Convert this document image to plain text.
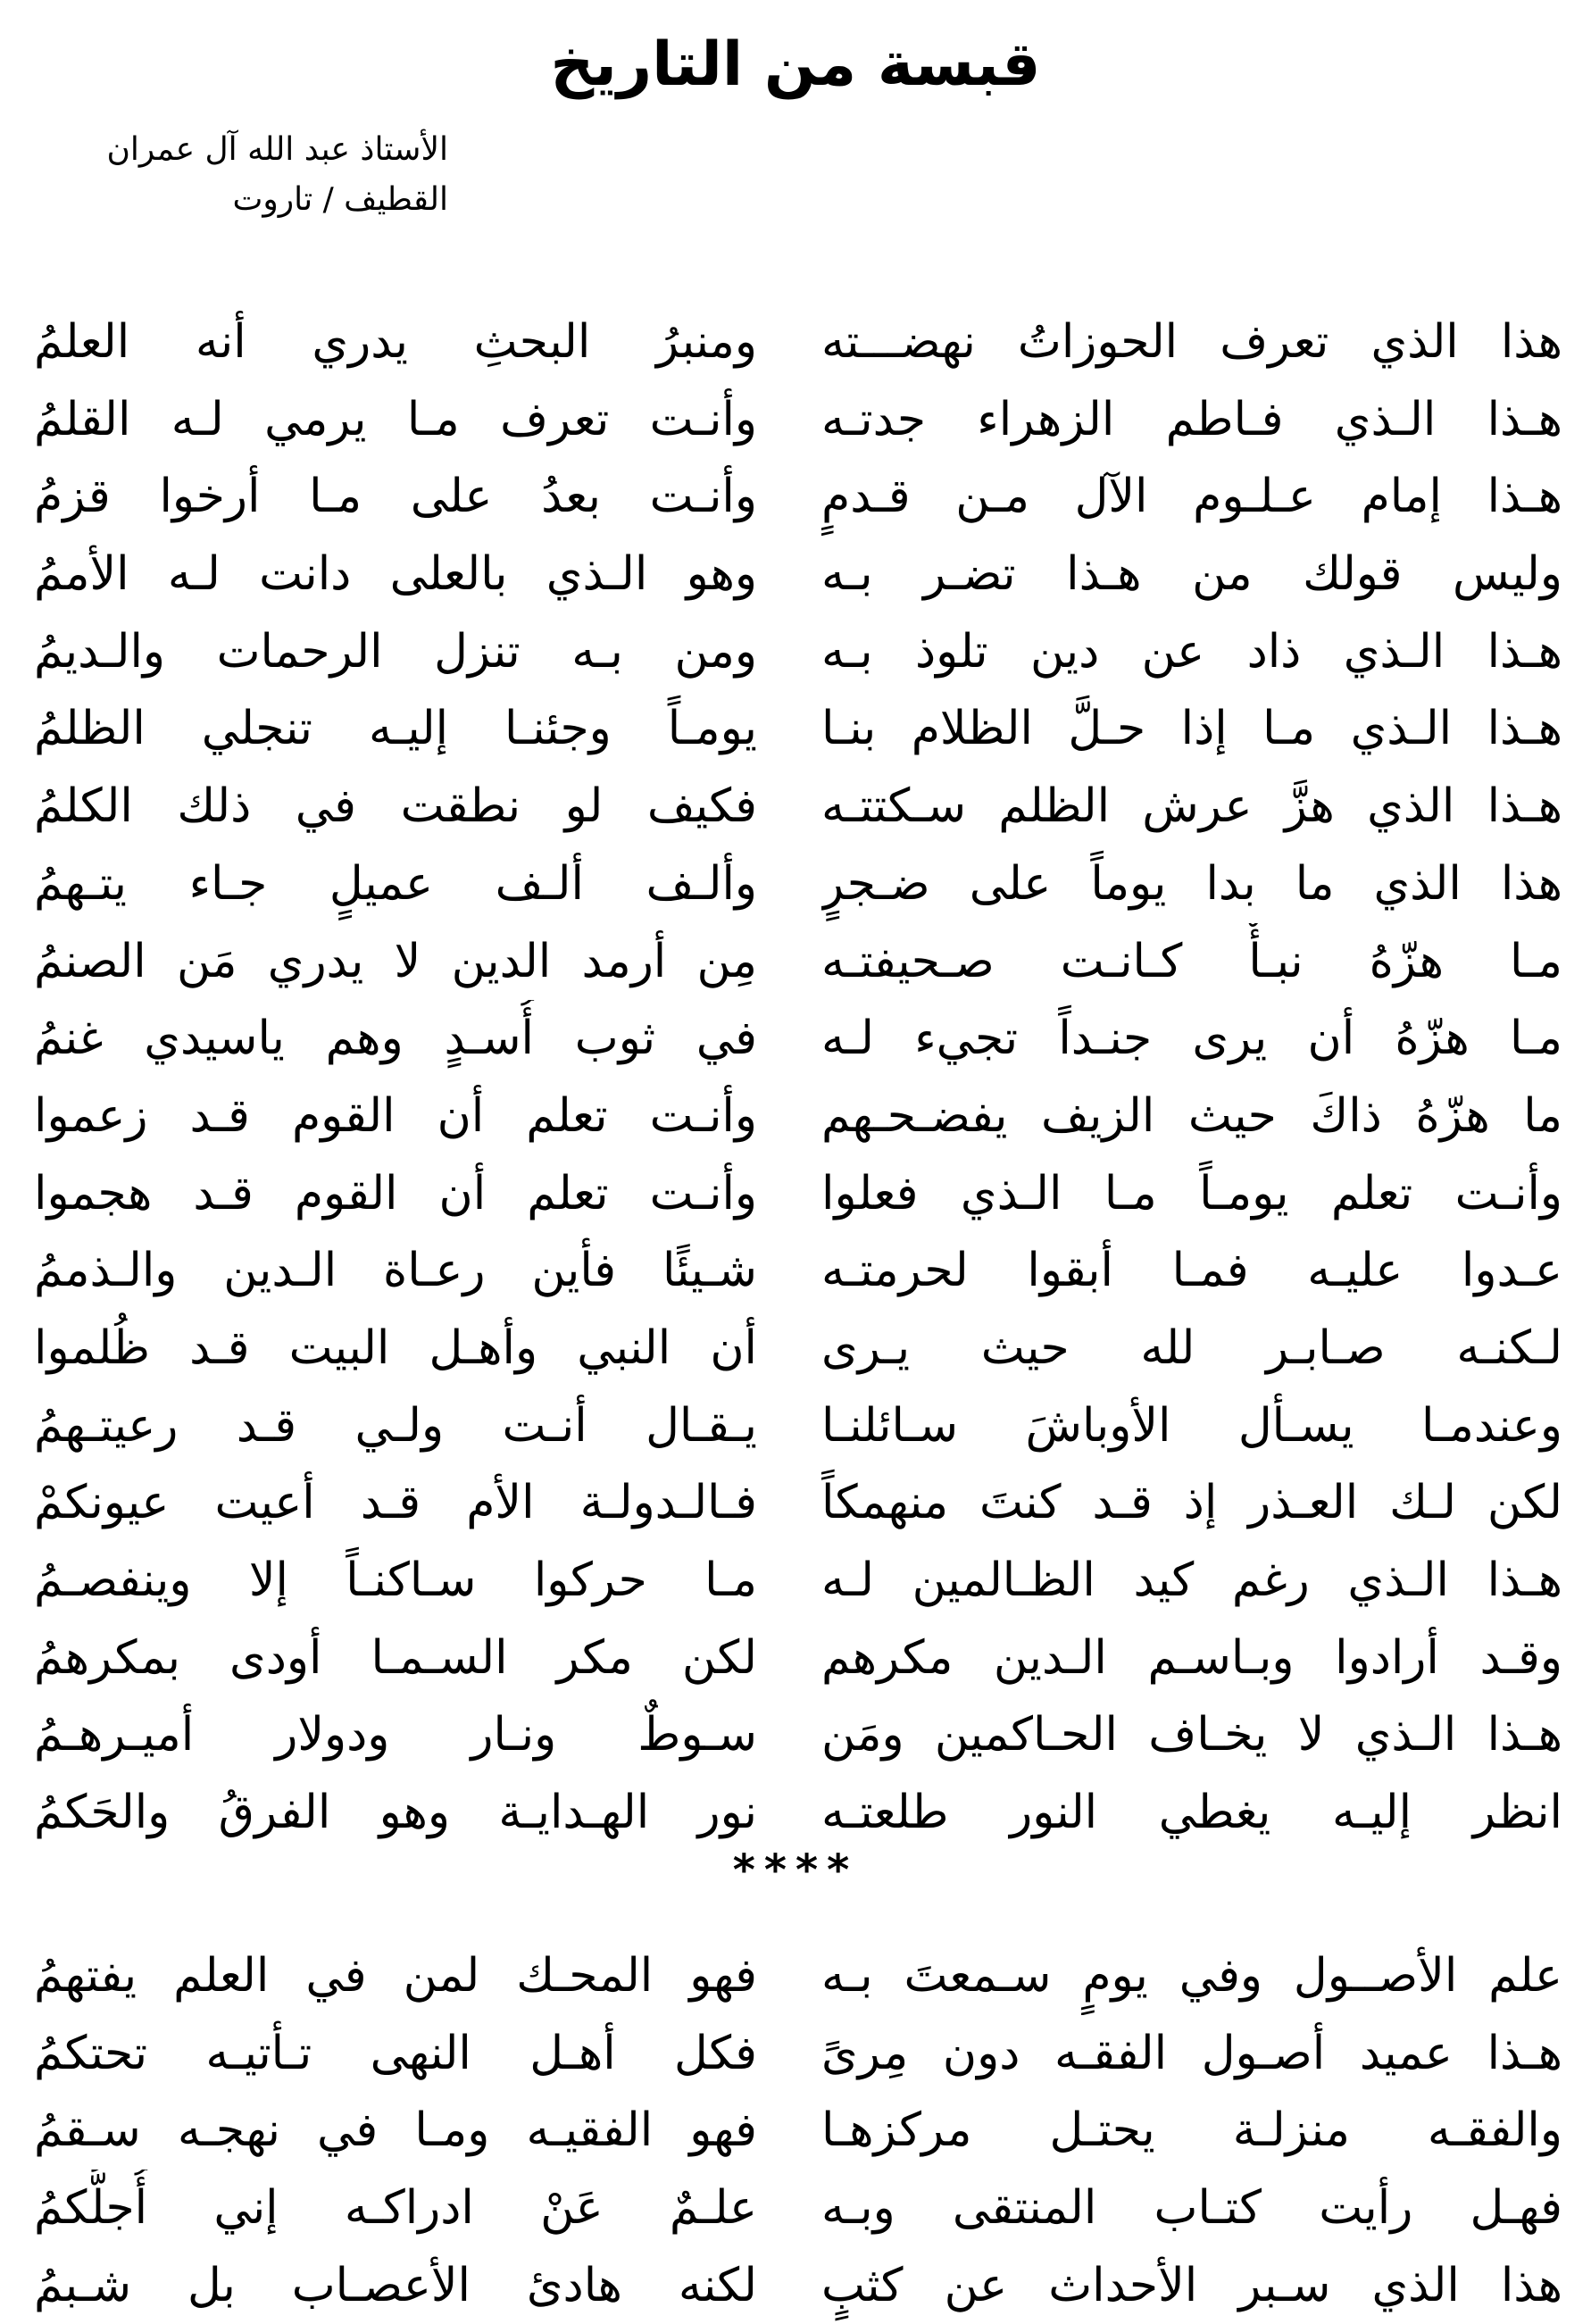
قبسة من التاريخ
الأستاذ عبد الله آل عمران
القطيف / تاروت
هذا الذي تعرف الحوزاتُ نهضـــته
ومنبرُ البحثِ يدري أنه العلمُ
هـذا الـذي فـاطم الزهراء جدتـه
وأنـت تعرف مـا يرمي لـه القلمُ
هـذا إمام عـلـوم الآل مـن قـدمٍ
وأنـت بعدُ على مـا أرخوا قزمُ
وليس قولك من هـذا تضـر بـه
وهو الـذي بالعلى دانت لـه الأممُ
هـذا الـذي ذاد عن دين تلوذ بـه
ومن بـه تنزل الرحمات والـديمُ
هـذا الـذي مـا إذا حـلَّ الظلام بنـا
يومـاً وجئنـا إليـه تنجلي الظلمُ
هـذا الذي هزَّ عرش الظلم سـكتتـه
فكيف لو نطقت في ذلك الكلمُ
هذا الذي ما بدا يوماً على ضـجرٍ
وألـف ألـف عميلٍ جـاء يتـهمُ
مـا هزّهُ نبـأٌ كـانـت صـحيفتـه
مِن أرمد الدين لا يدري مَن الصنمُ
مـا هزّهُ أن يرى جنـداً تجيء لـه
في ثوب أُسـدٍ وهم ياسيدي غنمُ
ما هزّهُ ذاكَ حيث الزيف يفضـحـهم
وأنـت تعلم أن القوم قـد زعموا
وأنـت تعلم يومـاً مـا الـذي فعلوا
وأنـت تعلم أن القوم قـد هجموا
عـدوا عليـه فمـا أبقوا لحرمتـه
شـيئًا فأين رعـاة الـدين والـذممُ
لـكنـه صـابـر لله حيث يـرى
أن النبي وأهـل البيت قـد ظُلموا
وعندمـا يسـأل الأوباشَ سـائلنـا
يـقـال أنـت ولـي قـد رعيتـهمُ
لكن لـك العـذر إذ قـد كنتَ منهمكاً
فـالـدولـة الأم قـد أعيت عيونكمْ
هـذا الـذي رغم كيد الظـالمين لـه
مـا حركوا سـاكنـاً إلا وينفصـمُ
وقـد أرادوا وبـاسـم الـدين مكرهم
لكن مكر السـمـا أودى بمكرهمُ
هـذا الـذي لا يخـاف الحـاكمين ومَن
سـوطٌ ونـار ودولار أميـرهـمُ
انظر إليـه يغطي النور طلعتـه
نور الهـدايـة وهو الفرقُ والحَكمُ
****
علم الأصــول وفي يومٍ سـمعتَ بـه
فهو المحـك لمن في العلم يفتهمُ
هـذا عميد أصـول الفقـه دون مِرىً
فكل أهـل النهى تـأتيـه تحتكمُ
والفقـه منزلـة يحتـل مركزهـا
فهو الفقيـه ومـا في نهجـه سـقمُ
فهـل رأيت كتـاب المنتقى وبـه
علـمٌ عَنْ ادراكـه إني أُجلُّكمُ
هذا الذي سـبر الأحداث عن كثبٍ
لكنه هادئ الأعصـاب بل شـبمُ
